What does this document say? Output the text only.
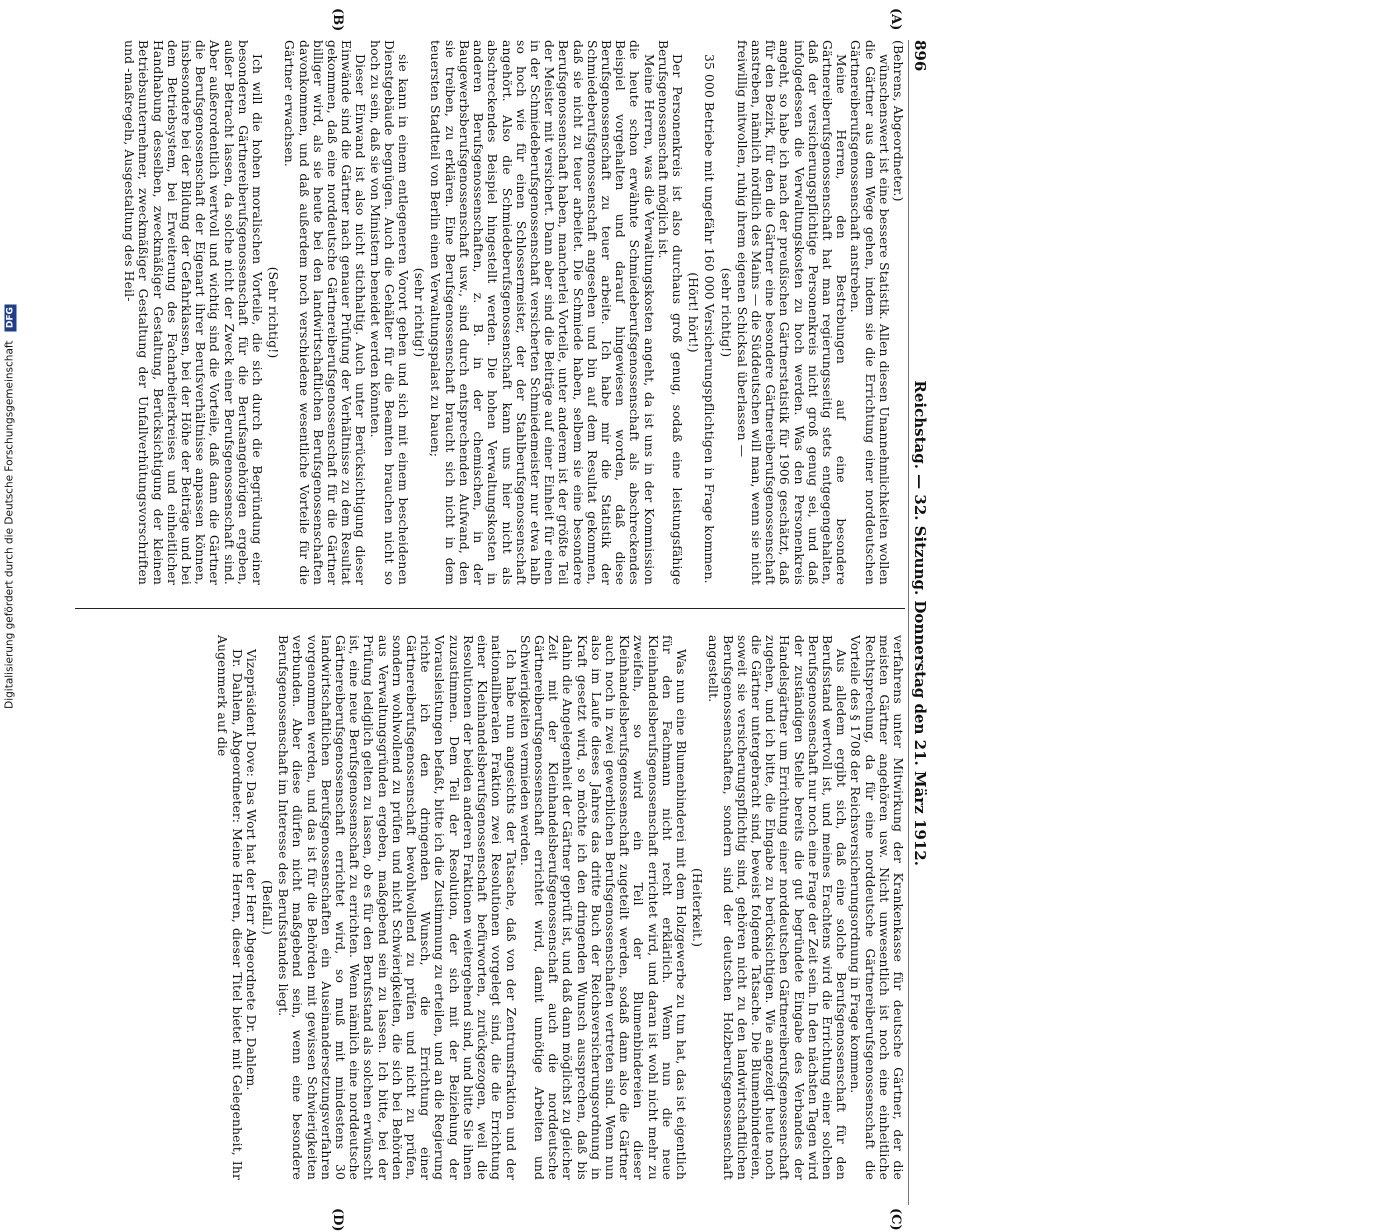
896
Reichstag. — 32. Sitzung. Donnerstag den 21. März 1912.

(Behrens, Abgeordneter.)

wünschenswert ist eine bessere Statistik. Allen diesen Unannehmlichkeiten wollen die Gärtner aus dem Wege gehen, indem sie die Errichtung einer norddeutschen Gärtnereiberufsgenossenschaft anstreben.

Meine Herren, den Bestrebungen auf eine besondere Gärtnereiberufsgenossenschaft hat man regierungsseitig stets entgegengehalten, daß der versicherungspflichtige Personenkreis nicht groß genug sei, und daß infolgedessen die Verwaltungskosten zu hoch werden. Was den Personenkreis angeht, so habe ich nach der preußischen Gärtnerstatistik für 1906 geschätzt, daß für den Bezirk, für den die Gärtner eine besondere Gärtnereiberufsgenossenschaft anstreben, nämlich nördlich des Mains — die Süddeutschen will man, wenn sie nicht freiwillig mitwollen, ruhig ihrem eigenen Schicksal überlassen —

(sehr richtig!)

35 000 Betriebe mit ungefähr 160 000 Versicherungspflichtigen in Frage kommen.

(Hört! hört!)

Der Personenkreis ist also durchaus groß genug, sodaß eine leistungsfähige Berufsgenossenschaft möglich ist.

Meine Herren, was die Verwaltungskosten angeht, da ist uns in der Kommission die heute schon erwähnte Schmiedeberufsgenossenschaft als abschreckendes Beispiel vorgehalten und darauf hingewiesen worden, daß diese Berufsgenossenschaft zu teuer arbeite. Ich habe mir die Statistik der Schmiedeberufsgenossenschaft angesehen und bin auf dem Resultat gekommen, daß sie nicht zu teuer arbeitet. Die Schmiede haben, selbem sie eine besondere Berufsgenossenschaft haben, mancherlei Vorteile, unter anderem ist der größte Teil der Meister mit versichert. Dann aber sind die Beiträge auf einer Einheit für einen in der Schmiedeberufsgenossenschaft versicherten Schmiedemeister nur etwa halb so hoch wie für einen Schlossermeister, der der Stahlberufsgenossenschaft angehört. Also die Schmiedeberufsgenossenschaft kann uns hier nicht als abschreckendes Beispiel hingestellt werden. Die hohen Verwaltungskosten in anderen Berufsgenossenschaften, z. B. in der chemischen, in der Baugewerbsberufsgenossenschaft usw., sind durch entsprechenden Aufwand, den sie treiben, zu erklären. Eine Berufsgenossenschaft braucht sich nicht in dem teuersten Stadtteil von Berlin einen Verwaltungspalast zu bauen;

(sehr richtig!)

sie kann in einem entlegeneren Vorort gehen und sich mit einem bescheidenen Dienstgebäude begnügen. Auch die Gehälter für die Beamten brauchen nicht so hoch zu sein, daß sie von Ministern beneidet werden könnten.

Dieser Einwand ist also nicht stichhaltig. Auch unter Berücksichtigung dieser Einwände sind die Gärtner nach genauer Prüfung der Verhältnisse zu dem Resultat gekommen, daß eine norddeutsche Gärtnereiberufsgenossenschaft für die Gärtner billiger wird, als sie heute bei den landwirtschaftlichen Berufsgenossenschaften davonkommen, und daß außerdem noch verschiedene wesentliche Vorteile für die Gärtner erwachsen.

(Sehr richtig!)

Ich will die hohen moralischen Vorteile, die sich durch die Begründung einer besonderen Gärtnereiberufsgenossenschaft für die Berufsangehörigen ergeben, außer Betracht lassen, da solche nicht der Zweck einer Berufsgenossenschaft sind. Aber außerordentlich wertvoll und wichtig sind die Vorteile, daß dann die Gärtner die Berufsgenossenschaft der Eigenart ihrer Berufsverhältnisse anpassen können, insbesondere bei der Bildung der Gefahrklassen, bei der Höhe der Beiträge und bei dem Betriebsystem, bei Erweiterung des Facharbeiterkreises und einheitlicher Handhabung desselben, zweckmäßiger Gestaltung, Berücksichtigung der kleinen Betriebsunternehmer, zweckmäßiger Gestaltung der Unfallverhütungsvorschriften und -maßregeln, Ausgestaltung des Heil-

verfahrens unter Mitwirkung der Krankenkasse für deutsche Gärtner, der die meisten Gärtner angehören usw. Nicht unwesentlich ist noch eine einheitliche Rechtsprechung, da für eine norddeutsche Gärtnereiberufsgenossenschaft die Vorteile des § 1708 der Reichsversicherungsordnung in Frage kommen.

Aus alledem ergibt sich, daß eine solche Berufsgenossenschaft für den Berufsstand wertvoll ist, und meines Erachtens wird die Errichtung einer solchen Berufsgenossenschaft nur noch eine Frage der Zeit sein. In den nächsten Tagen wird der zuständigen Stelle bereits die gut begründete Eingabe des Verbandes der Handelsgärtner um Errichtung einer norddeutschen Gärtnereiberufsgenossenschaft zugehen, und ich bitte, die Eingabe zu berücksichtigen. Wie angezeigt heute noch die Gärtner untergebracht sind, beweist folgende Tatsache. Die Blumenbindereien, soweit sie versicherungspflichtig sind, gehören nicht zu den landwirtschaftlichen Berufsgenossenschaften, sondern sind der deutschen Holzberufsgenossenschaft angestellt.

(Heiterkeit.)

Was nun eine Blumenbinderei mit dem Holzgewerbe zu tun hat, das ist eigentlich für den Fachmann nicht recht erklärlich. Wenn nun die neue Kleinhandelsberufsgenossenschaft errichtet wird, und daran ist wohl nicht mehr zu zweifeln, so wird ein Teil der Blumenbindereien dieser Kleinhandelsberufsgenossenschaft zugeteilt werden, sodaß dann also die Gärtner auch noch in zwei gewerblichen Berufsgenossenschaften vertreten sind. Wenn nun also im Laufe dieses Jahres das dritte Buch der Reichsversicherungsordnung in Kraft gesetzt wird, so möchte ich den dringenden Wunsch aussprechen, daß bis dahin die Angelegenheit der Gärtner geprüft ist, und daß dann möglichst zu gleicher Zeit mit der Kleinhandelsberufsgenossenschaft auch die norddeutsche Gärtnereiberufsgenossenschaft errichtet wird, damit unnötige Arbeiten und Schwierigkeiten vermieden werden.

Ich habe nun angesichts der Tatsache, daß von der Zentrumsfraktion und der nationalliberalen Fraktion zwei Resolutionen vorgelegt sind, die die Errichtung einer Kleinhandelsberufsgenossenschaft befürworten, zurückgezogen, weil die Resolutionen der beiden anderen Fraktionen weitergehend sind, und bitte Sie ihnen zuzustimmen. Dem Teil der Resolution, der sich mit der Beiziehung der Vorausleistungen befaßt, bitte ich die Zustimmung zu erteilen, und an die Regierung richte ich den dringenden Wunsch, die Errichtung einer Gärtnereiberufsgenossenschaft bewohlwollend zu prüfen und nicht zu prüfen, sondern wohlwollend zu prüfen und nicht Schwierigkeiten, die sich bei Behörden aus Verwaltungsgründen ergeben, maßgebend sein zu lassen. Ich bitte, bei der Prüfung lediglich gelten zu lassen, ob es für den Berufsstand als solchen erwünscht ist, eine neue Berufsgenossenschaft zu errichten. Wenn nämlich eine norddeutsche Gärtnereiberufsgenossenschaft errichtet wird, so muß mit mindestens 30 landwirtschaftlichen Berufsgenossenschaften ein Auseinandersetzungsverfahren vorgenommen werden, und das ist für die Behörden mit gewissen Schwierigkeiten verbunden. Aber diese dürfen nicht maßgebend sein, wenn eine besondere Berufsgenossenschaft im Interesse des Berufsstandes liegt.

(Beifall.)

Vizepräsident Dove: Das Wort hat der Herr Abgeordnete Dr. Dahlem.

Dr. Dahlem, Abgeordneter: Meine Herren, dieser Titel bietet mit Gelegenheit, Ihr Augenmerk auf die

(A)
(B)
(C)
(D)
Digitalisierung gefördert durch die Deutsche Forschungsgemeinschaft DFG
